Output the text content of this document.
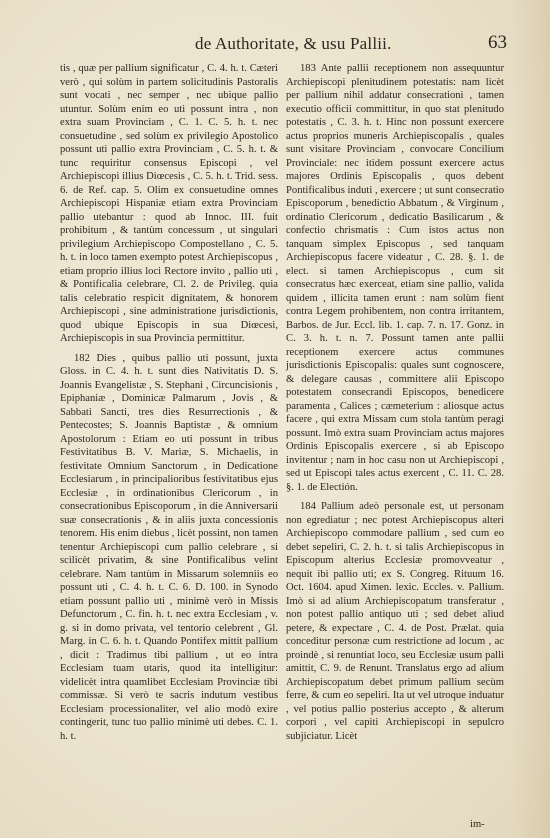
de Authoritate, & usu Pallii.	63

tis , quæ per pallium significatur , C. 4. h. t. Cæteri verò , qui solùm in partem solicitudinis Pastoralis sunt vocati , nec semper , nec ubique pallio utuntur. Solùm enim eo uti possunt intra , non extra suam Provinciam , C. 1. C. 5. h. t. nec consuetudine , sed solùm ex privilegio Apostolico possunt uti pallio extra Provinciam , C. 5. h. t. & tunc requiritur consensus Episcopi , vel Archiepiscopi illius Diœcesis , C. 5. h. t. Trid. sess. 6. de Ref. cap. 5. Olim ex consuetudine omnes Archiepiscopi Hispaniæ etiam extra Provinciam pallio utebantur : quod ab Innoc. III. fuit prohibitum , & tantùm concessum , ut singulari privilegium Archiepiscopo Compostellano , C. 5. h. t. in loco tamen exempto potest Archiepiscopus , etiam proprio illius loci Rectore invito , pallio uti , & Pontificalia celebrare, Cl. 2. de Privileg. quia talis celebratio respicit dignitatem, & honorem Archiepiscopi , sine administratione jurisdictionis, quod ubique Episcopis in sua Diœcesi, Archiepiscopis in sua Provincia permittitur.

182 Dies , quibus pallio uti possunt, juxta Gloss. in C. 4. h. t. sunt dies Nativitatis D. S. Joannis Evangelistæ , S. Stephani , Circuncisionis , Epiphaniæ , Dominicæ Palmarum , Jovis , & Sabbati Sancti, tres dies Resurrectionis , & Pentecostes; S. Joannis Baptistæ , & omnium Apostolorum : Etiam eo uti possunt in tribus Festivitatibus B. V. Mariæ, S. Michaelis, in festivitate Omnium Sanctorum , in Dedicatione Ecclesiarum , in principalioribus festivitatibus ejus Ecclesiæ , in ordinationibus Clericorum , in consecrationibus Episcoporum , in die Anniversarii suæ consecrationis , & in aliis juxta concessionis tenorem. His enim diebus , licèt possint, non tamen tenentur Archiepiscopi cum pallio celebrare , si scilicèt privatim, & sine Pontificalibus velint celebrare. Nam tantùm in Missarum solemniis eo possunt uti , C. 4. h. t. C. 6. D. 100. in Synodo etiam possunt pallio uti , minimè verò in Missis Defunctorum , C. fin. h. t. nec extra Ecclesiam , v. g. si in domo privata, vel tentorio celebrent , Gl. Marg. in C. 6. h. t. Quando Pontifex mittit pallium , dicit : Tradimus tibi pallium , ut eo intra Ecclesiam tuam utaris, quod ita intelligitur: videlicèt intra quamlibet Ecclesiam Provinciæ tibi commissæ. Si verò te sacris indutum vestibus Ecclesiam processionaliter, vel alio modò exire contingerit, tunc tuo pallio minimè uti debes. C. 1. h. t.

183 Ante pallii receptionem non assequuntur Archiepiscopi plenitudinem potestatis: nam licèt per pallium nihil addatur consecrationi , tamen executio officii committitur, in quo stat plenitudo potestatis , C. 3. h. t. Hinc non possunt exercere actus proprios muneris Archiepiscopalis , quales sunt visitare Provinciam , convocare Concilium Provinciale: nec itidem possunt exercere actus majores Ordinis Episcopalis , quos debent Pontificalibus induti , exercere ; ut sunt consecratio Episcoporum , benedictio Abbatum , & Virginum , ordinatio Clericorum , dedicatio Basilicarum , & confectio chrismatis : Cum istos actus non tanquam simplex Episcopus , sed tanquam Archiepiscopus facere videatur , C. 28. §. 1. de elect. si tamen Archiepiscopus , cum sit consecratus hæc exerceat, etiam sine pallio, valida quidem , illicita tamen erunt : nam solùm fient contra Legem prohibentem, non contra irritantem, Barbos. de Jur. Eccl. lib. 1. cap. 7. n. 17. Gonz. in C. 3. h. t. n. 7. Possunt tamen ante pallii receptionem exercere actus communes jurisdictionis Episcopalis: quales sunt cognoscere, & delegare causas , committere alii Episcopo potestatem consecrandi Episcopos, benedicere paramenta , Calices ; cæmeterium : aliosque actus facere , qui extra Missam cum stola tantùm peragi possunt. Imò extra suam Provinciam actus majores Ordinis Episcopalis exercere , si ab Episcopo invitentur ; nam in hoc casu non ut Archiepiscopi , sed ut Episcopi tales actus exercent , C. 11. C. 28. §. 1. de Electión.

184 Pallium adeò personale est, ut personam non egrediatur ; nec potest Archiepiscopus alteri Archiepiscopo commodare pallium , sed cum eo debet sepeliri, C. 2. h. t. si talis Archiepiscopus in Episcopum alterius Ecclesiæ promovveatur , nequit ibi pallio uti; ex S. Congreg. Rituum 16. Oct. 1604. apud Ximen. lexic. Eccles. v. Pallium. Imò si ad alium Archiepiscopatum transferatur , non potest pallio antiquo uti ; sed debet aliud petere, & expectare , C. 4. de Post. Prælat. quia conceditur personæ cum restrictione ad locum , ac proindè , si renuntiat loco, seu Ecclesiæ usum palli amittit, C. 9. de Renunt. Translatus ergo ad alium Archiepiscopatum debet primum pallium secùm ferre, & cum eo sepeliri. Ita ut vel utroque induatur , vel potius pallio posterius accepto , & alterum corpori , vel capiti Archiepiscopi in sepulcro subjiciatur. Licèt

im-
